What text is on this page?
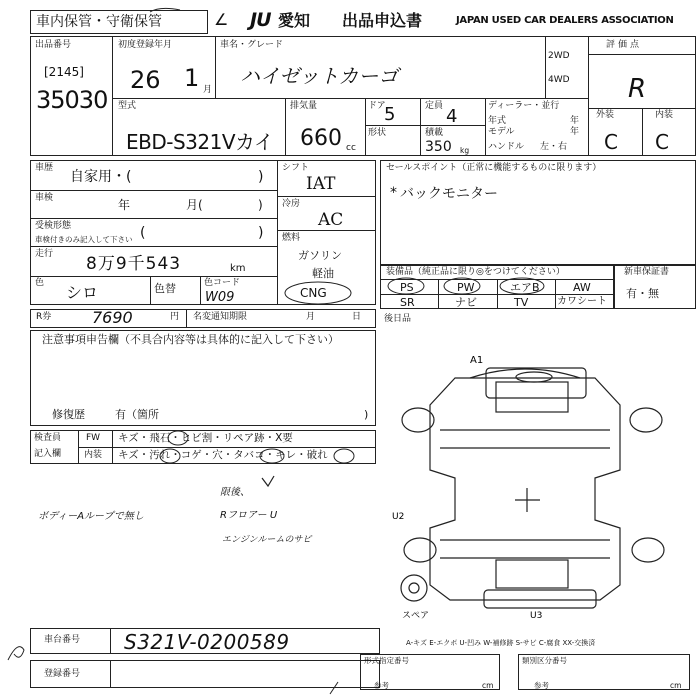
車内保管・守衛保管	∠ JU 愛知 出品申込書	JAPAN USED CAR DEALERS ASSOCIATION
出品番号
[2145]
35030
初度登録年月
26 1 月
車名・グレード
ハイゼットカーゴ
2WD
4WD
評価点
R
外装	内装
C C
型式
EBD-S321Vカイ
排気量
660 cc
ドア
5	定員 4
形状	積載
350 kg
ディーラー・並行
年式	年
モデル	年
ハンドル 左・右
車歴
自家用・(	)
車検	年	月(	)
受検形態
車検付きのみ記入して下さい (	)
走行 8万9千543	km
色 シロ	色替	色コード
W09
シフト
IAT
冷房
AC
燃料
ガソリン
軽油
CNG
セールスポイント（正常に機能するものに限ります）
* バックモニター
装備品（純正品に限り◎をつけてください）
PS	PW	エアB	AW
SR	ナビ	TV	カワシート
新車保証書
有・無
R券	7690	円 名変通知期限	月	日	後日品
注意事項申告欄（不具合内容等は具体的に記入して下さい）
修復歴	有（箇所	)
検査員
記入欄
FW キズ・飛石・ヒビ割・リペア跡・X要
内装 キズ・汚れ・コゲ・穴・タバコ・キレ・破れ
限後、
ボディーAループで無し	Rフロアー U
エンジンルームのサビ
車台番号 S321V-0200589
登録番号
形式指定番号
参考	cm
類別区分番号
参考	cm
A-キズ E-エクボ U-凹み W-補修跡 S-サビ C-腐食 XX-交換済
A1
U2
U3
スペア
